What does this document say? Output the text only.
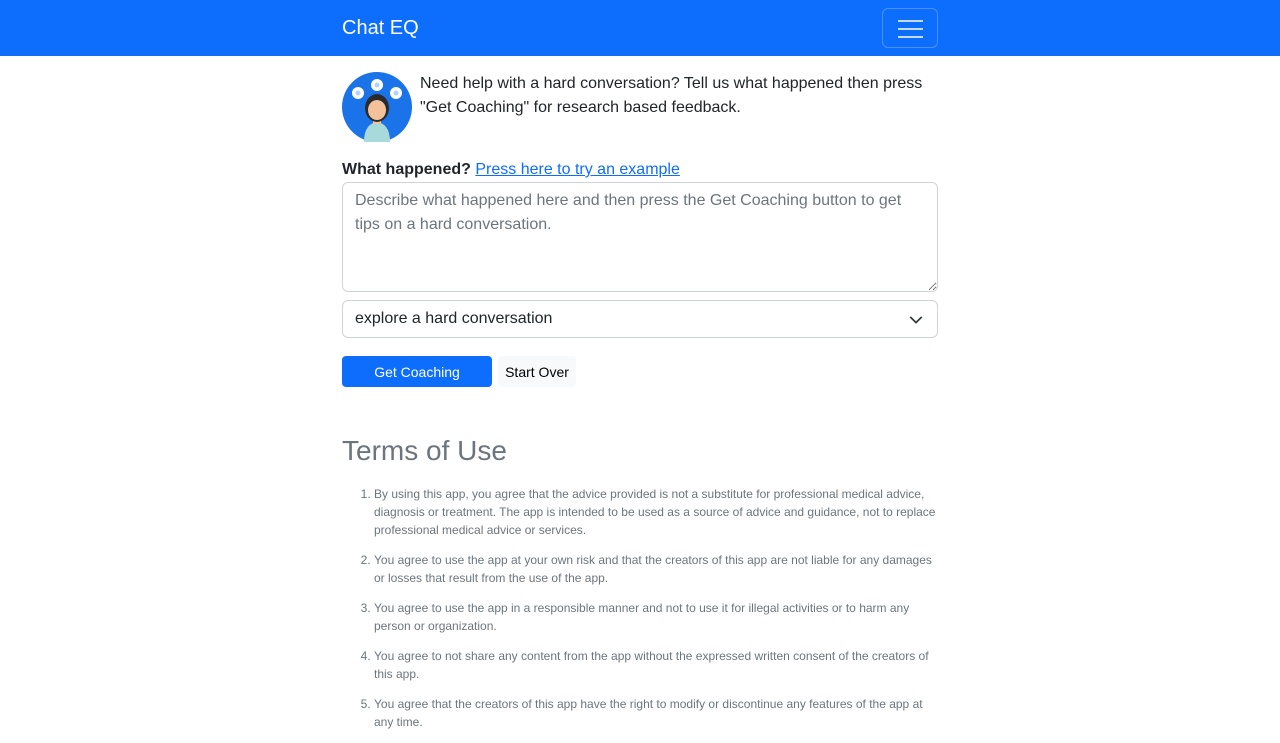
Chat EQ
Need help with a hard conversation? Tell us what happened then press "Get Coaching" for research based feedback.
What happened? Press here to try an example
Describe what happened here and then press the Get Coaching button to get tips on a hard conversation.
explore a hard conversation
Get Coaching	Start Over
Terms of Use
1. By using this app, you agree that the advice provided is not a substitute for professional medical advice, diagnosis or treatment. The app is intended to be used as a source of advice and guidance, not to replace professional medical advice or services.
2. You agree to use the app at your own risk and that the creators of this app are not liable for any damages or losses that result from the use of the app.
3. You agree to use the app in a responsible manner and not to use it for illegal activities or to harm any person or organization.
4. You agree to not share any content from the app without the expressed written consent of the creators of this app.
5. You agree that the creators of this app have the right to modify or discontinue any features of the app at any time.
